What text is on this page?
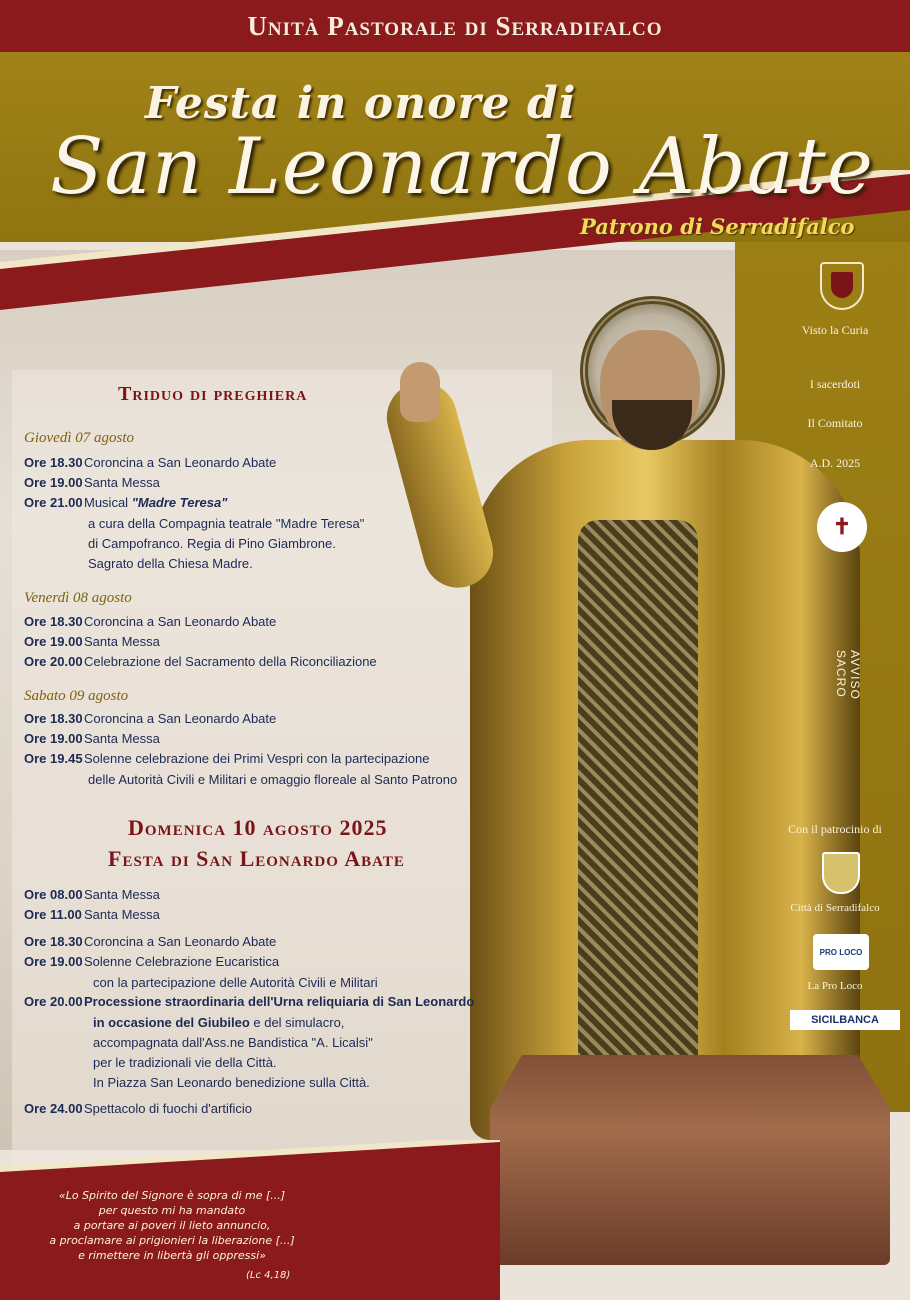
Unità Pastorale di Serradifalco
Festa in onore di
San Leonardo Abate
Patrono di Serradifalco
Visto la Curia
I sacerdoti
Il Comitato
A.D. 2025
✝
AVVISO SACRO
Con il patrocinio di
Città di Serradifalco
PRO LOCO
La Pro Loco
SICILBANCA
Triduo di preghiera
Giovedì 07 agosto
Ore 18.30Coroncina a San Leonardo Abate
Ore 19.00Santa Messa
Ore 21.00Musical "Madre Teresa"
a cura della Compagnia teatrale "Madre Teresa"
di Campofranco. Regia di Pino Giambrone.
Sagrato della Chiesa Madre.
Venerdì 08 agosto
Ore 18.30Coroncina a San Leonardo Abate
Ore 19.00Santa Messa
Ore 20.00Celebrazione del Sacramento della Riconciliazione
Sabato 09 agosto
Ore 18.30Coroncina a San Leonardo Abate
Ore 19.00Santa Messa
Ore 19.45Solenne celebrazione dei Primi Vespri con la partecipazione
delle Autorità Civili e Militari e omaggio floreale al Santo Patrono
Domenica 10 agosto 2025
Festa di San Leonardo Abate
Ore 08.00Santa Messa
Ore 11.00 Santa Messa
Ore 18.30Coroncina a San Leonardo Abate
Ore 19.00Solenne Celebrazione Eucaristica
con la partecipazione delle Autorità Civili e Militari
Ore 20.00Processione straordinaria dell'Urna reliquiaria di San Leonardo
in occasione del Giubileo e del simulacro,
accompagnata dall'Ass.ne Bandistica "A. Licalsi"
per le tradizionali vie della Città.
In Piazza San Leonardo benedizione sulla Città.
Ore 24.00Spettacolo di fuochi d'artificio
«Lo Spirito del Signore è sopra di me [...]
per questo mi ha mandato
a portare ai poveri il lieto annuncio,
a proclamare ai prigionieri la liberazione [...]
e rimettere in libertà gli oppressi»
(Lc 4,18)
